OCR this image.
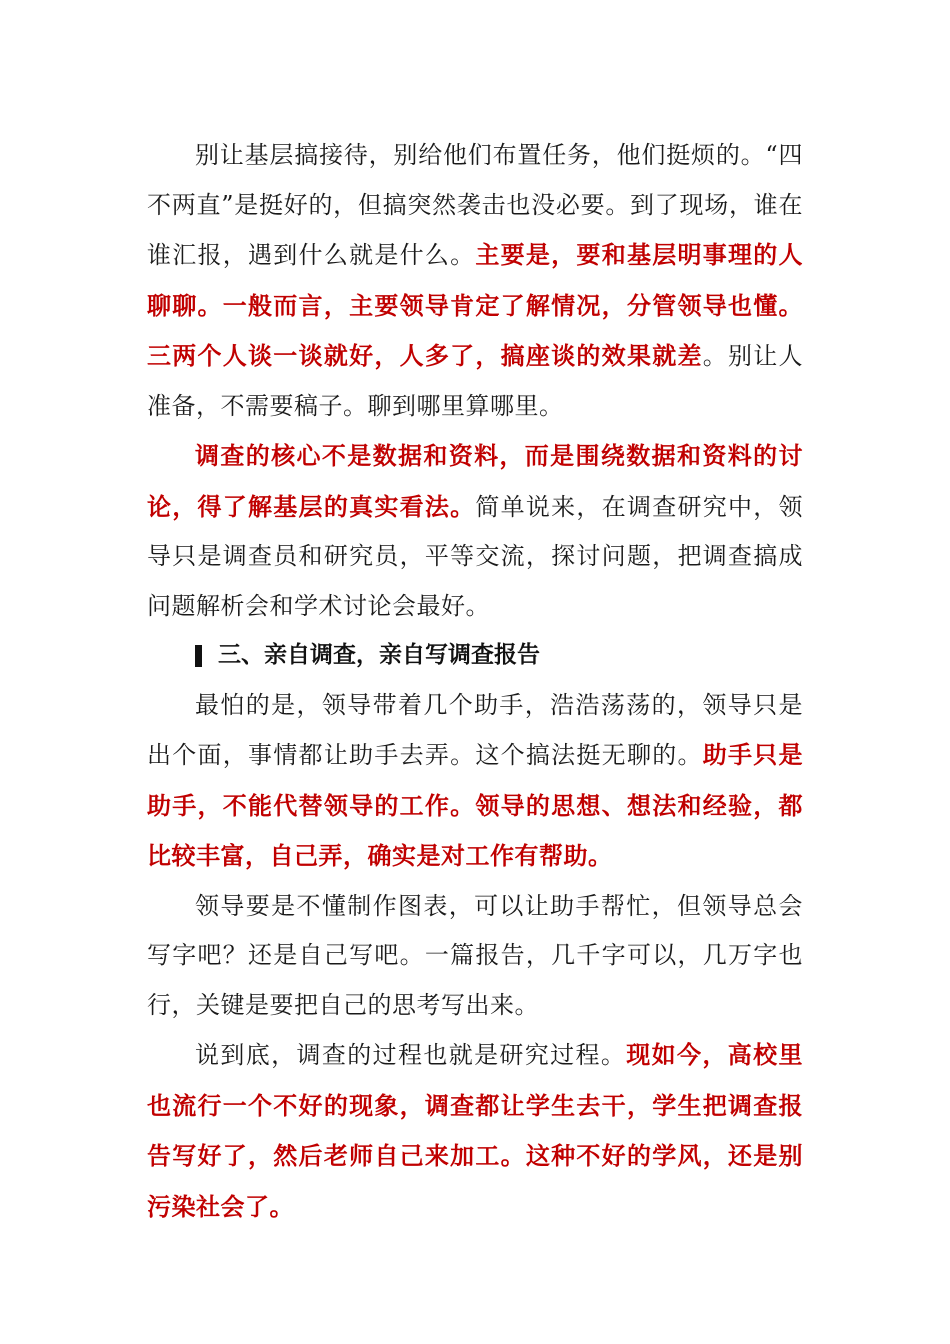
别让基层搞接待，别给他们布置任务，他们挺烦的。“四不两直”是挺好的，但搞突然袭击也没必要。到了现场，谁在谁汇报，遇到什么就是什么。主要是，要和基层明事理的人聊聊。一般而言，主要领导肯定了解情况，分管领导也懂。三两个人谈一谈就好，人多了，搞座谈的效果就差。别让人准备，不需要稿子。聊到哪里算哪里。

调查的核心不是数据和资料，而是围绕数据和资料的讨论，得了解基层的真实看法。简单说来，在调查研究中，领导只是调查员和研究员，平等交流，探讨问题，把调查搞成问题解析会和学术讨论会最好。

三、亲自调查，亲自写调查报告

最怕的是，领导带着几个助手，浩浩荡荡的，领导只是出个面，事情都让助手去弄。这个搞法挺无聊的。助手只是助手，不能代替领导的工作。领导的思想、想法和经验，都比较丰富，自己弄，确实是对工作有帮助。

领导要是不懂制作图表，可以让助手帮忙，但领导总会写字吧？还是自己写吧。一篇报告，几千字可以，几万字也行，关键是要把自己的思考写出来。

说到底，调查的过程也就是研究过程。现如今，高校里也流行一个不好的现象，调查都让学生去干，学生把调查报告写好了，然后老师自己来加工。这种不好的学风，还是别污染社会了。
